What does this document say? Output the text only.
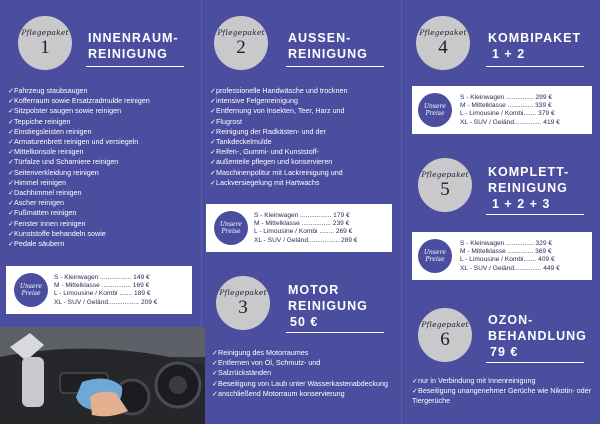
Pflegepaket
1	INNENRAUM-
REINIGUNG
✓ Fahrzeug staubsaugen
✓ Kofferraum sowie Ersatzradmulde reinigen
✓ Sitzpolster saugen sowie reinigen
✓ Teppiche reinigen
✓ Einstiegsleisten reinigen
✓ Armaturenbrett reinigen und versiegeln
✓ Mittelkonsole reinigen
✓ Türfalze und Scharniere reinigen
✓ Seitenverkleidung reinigen
✓ Himmel reinigen
✓ Dachhimmel reinigen
✓ Ascher reinigen
✓ Fußmatten reinigen
✓ Fenster innen reinigen
✓ Kunststoffe behandeln sowie
✓ Pedale säubern
Unsere Preise
S - Kleinwagen ................. 149 €
M - Mittelklasse ................ 169 €
L - Limousine / Kombi ....... 189 €
XL - SUV / Geländ................. 209 €
Pflegepaket
2	AUSSEN-
REINIGUNG
✓ professionelle Handwäsche und trocknen
✓ intensive Felgenreinigung
✓ Entfernung von Insekten, Teer, Harz und
✓ Flugrost
✓ Reinigung der Radkästen- und der
✓ Tankdeckelmulde
✓ Reifen-, Gummi- und Kunststoff-
✓ außenteile pflegen und konservieren
✓ Maschinenpolitur mit Lackreinigung und
✓ Lackversiegelung mit Hartwachs
Unsere Preise
S - Kleinwagen ................. 179 €
M - Mittelklasse ................ 239 €
L - Limousine / Kombi ........ 269 €
XL - SUV / Geländ................. 289 €
Pflegepaket
3
MOTOR
REINIGUNG
50 €
✓ Reinigung des Motorraumes
✓ Entfernen von Öl, Schmutz- und
✓ Salzrückständen
✓ Beseitigung von Laub unter Wasserkastenabdeckung
✓ anschließend Motorraum konservierung
Pflegepaket
4	KOMBIPAKET
1 + 2
Unsere Preise
S - Kleinwagen ............... 299 €
M - Mittelklasse .............. 339 €
L - Limousine / Kombi....... 379 €
XL - SUV / Geländ............... 419 €
Pflegepaket
5
KOMPLETT-
REINIGUNG
1 + 2 + 3
Unsere Preise
S - Kleinwagen ............... 329 €
M - Mittelklasse .............. 369 €
L - Limousine / Kombi....... 409 €
XL - SUV / Geländ............... 449 €
Pflegepaket
6
OZON-
BEHANDLUNG
79 €
✓ nur in Verbindung mit Innenreinigung
✓ Beseitigung unangenehmer Gerüche wie Nikotin- oder Tiergerüche
